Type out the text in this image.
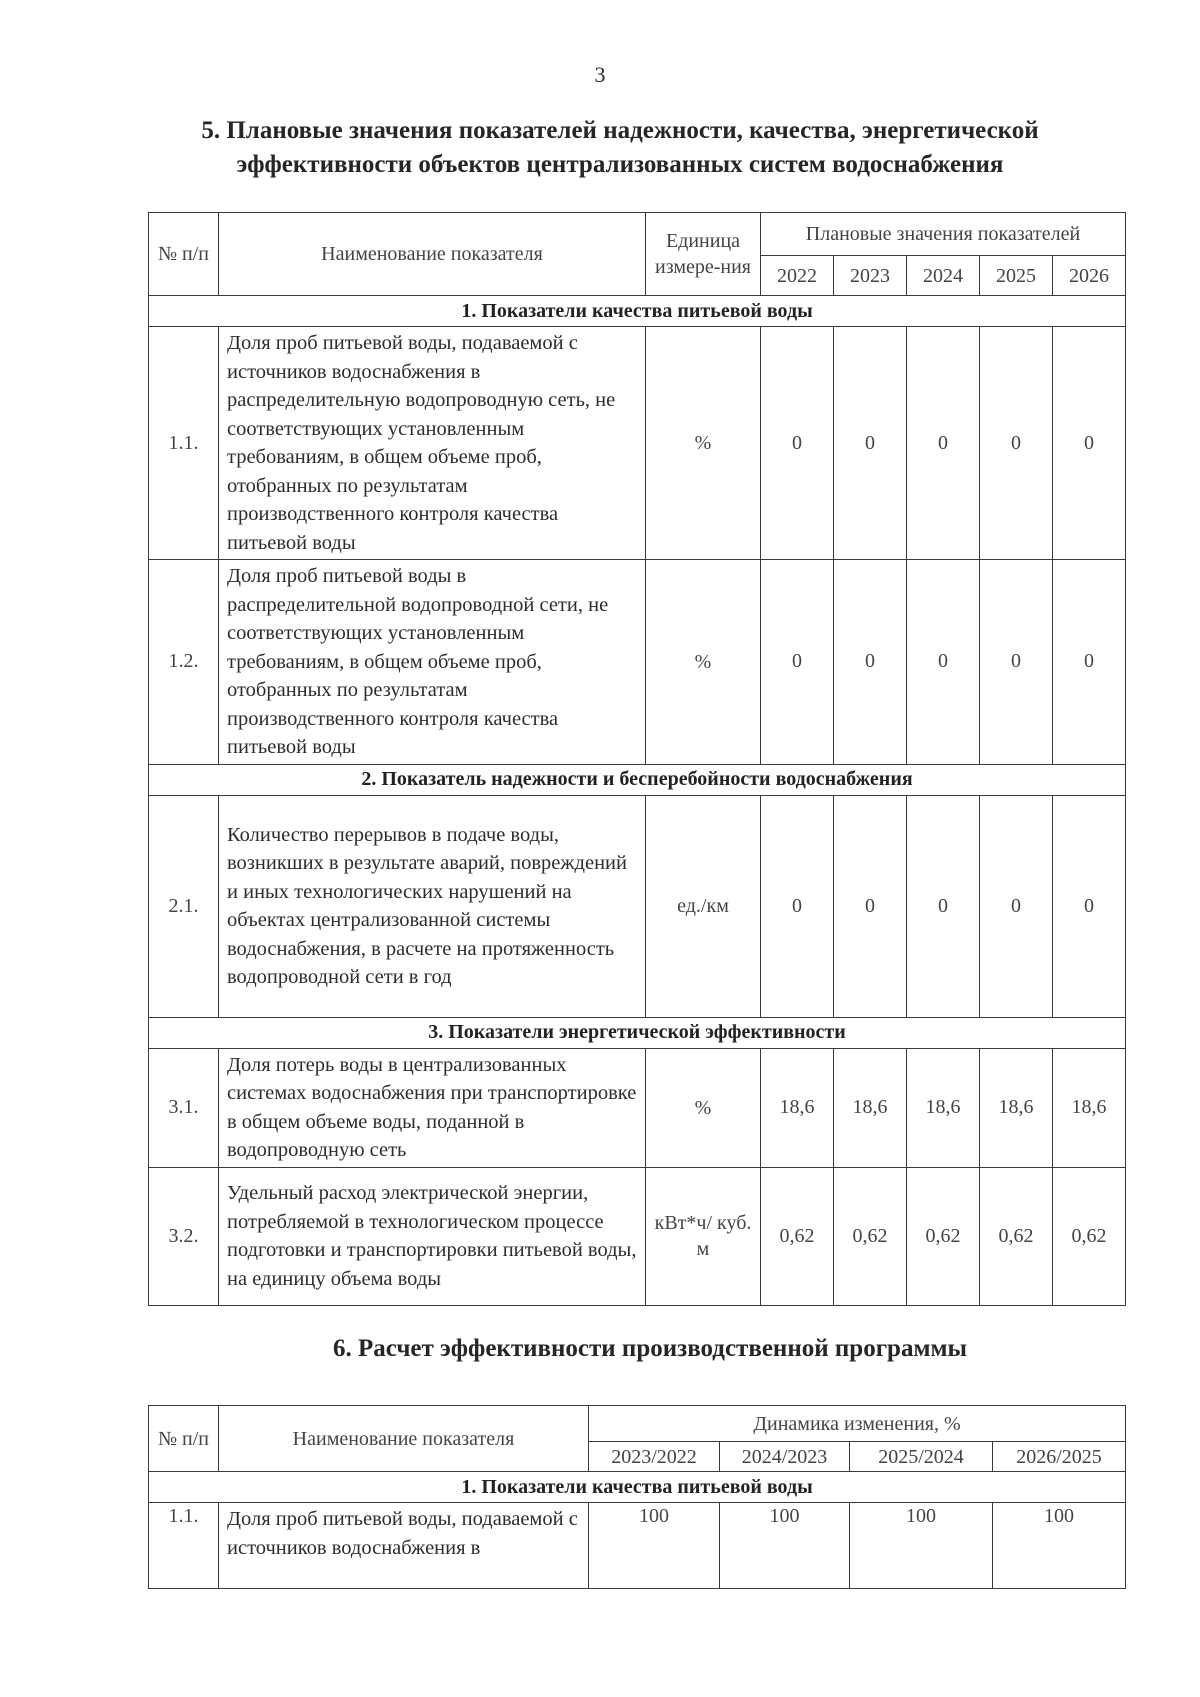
3
5. Плановые значения показателей надежности, качества, энергетической эффективности объектов централизованных систем водоснабжения
№ п/п	Наименование показателя	Единица измере-ния	Плановые значения показателей				
			2022	2023	2024	2025	2026
1. Показатели качества питьевой воды							
1.1.	Доля проб питьевой воды, подаваемой с источников водоснабжения в распределительную водопроводную сеть, не соответствующих установленным требованиям, в общем объеме проб, отобранных по результатам производственного контроля качества питьевой воды	%	0	0	0	0	0
1.2.	Доля проб питьевой воды в распределительной водопроводной сети, не соответствующих установленным требованиям, в общем объеме проб, отобранных по результатам производственного контроля качества питьевой воды	%	0	0	0	0	0
2. Показатель надежности и бесперебойности водоснабжения							
2.1.	Количество перерывов в подаче воды, возникших в результате аварий, повреждений и иных технологических нарушений на объектах централизованной системы водоснабжения, в расчете на протяженность водопроводной сети в год	ед./км	0	0	0	0	0
3. Показатели энергетической эффективности							
3.1.	Доля потерь воды в централизованных системах водоснабжения при транспортировке в общем объеме воды, поданной в водопроводную сеть	%	18,6	18,6	18,6	18,6	18,6
3.2.	Удельный расход электрической энергии, потребляемой в технологическом процессе подготовки и транспортировки питьевой воды, на единицу объема воды	кВт*ч/ куб. м	0,62	0,62	0,62	0,62	0,62
6. Расчет эффективности производственной программы
№ п/п	Наименование показателя	Динамика изменения, %			
		2023/2022	2024/2023	2025/2024	2026/2025
1. Показатели качества питьевой воды					
1.1.	Доля проб питьевой воды, подаваемой с источников водоснабжения в	100	100	100	100
